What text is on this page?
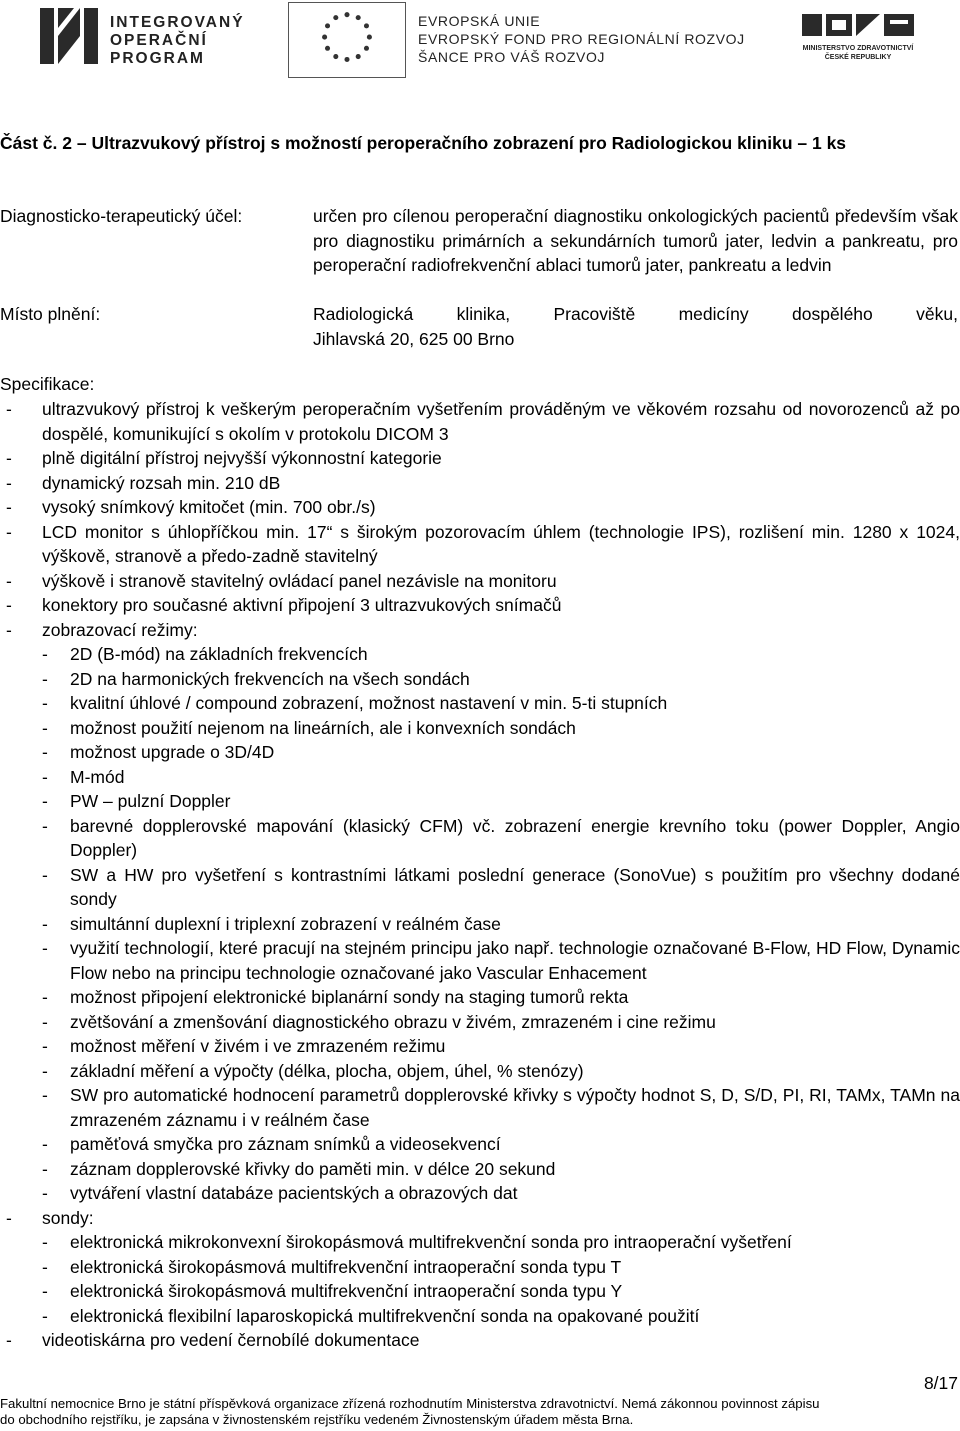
INTEGROVANÝ
OPERAČNÍ
PROGRAM
EVROPSKÁ UNIE
EVROPSKÝ FOND PRO REGIONÁLNÍ ROZVOJ
ŠANCE PRO VÁŠ ROZVOJ
MINISTERSTVO ZDRAVOTNICTVÍ
ČESKÉ REPUBLIKY
Část č. 2 – Ultrazvukový přístroj s možností peroperačního zobrazení pro Radiologickou kliniku – 1 ks
Diagnosticko-terapeutický účel:	určen pro cílenou peroperační diagnostiku onkologických pacientů především však pro diagnostiku primárních a sekundárních tumorů jater, ledvin a pankreatu, pro peroperační radiofrekvenční ablaci tumorů jater, pankreatu a ledvin
Místo plnění:	Radiologická klinika, Pracoviště medicíny dospělého věku,
Jihlavská 20, 625 00 Brno
Specifikace:
- ultrazvukový přístroj k veškerým peroperačním vyšetřením prováděným ve věkovém rozsahu od novorozenců až po dospělé, komunikující s okolím v protokolu DICOM 3
- plně digitální přístroj nejvyšší výkonnostní kategorie
- dynamický rozsah min. 210 dB
- vysoký snímkový kmitočet (min. 700 obr./s)
- LCD monitor s úhlopříčkou min. 17“ s širokým pozorovacím úhlem (technologie IPS), rozlišení min. 1280 x 1024, výškově, stranově a předo-zadně stavitelný
- výškově i stranově stavitelný ovládací panel nezávisle na monitoru
- konektory pro současné aktivní připojení 3 ultrazvukových snímačů
- zobrazovací režimy:
- 2D (B-mód) na základních frekvencích
- 2D na harmonických frekvencích na všech sondách
- kvalitní úhlové / compound zobrazení, možnost nastavení v min. 5-ti stupních
- možnost použití nejenom na lineárních, ale i konvexních sondách
- možnost upgrade o 3D/4D
- M-mód
- PW – pulzní Doppler
- barevné dopplerovské mapování (klasický CFM) vč. zobrazení energie krevního toku (power Doppler, Angio Doppler)
- SW a HW pro vyšetření s kontrastními látkami poslední generace (SonoVue) s použitím pro všechny dodané sondy
- simultánní duplexní i triplexní zobrazení v reálném čase
- využití technologií, které pracují na stejném principu jako např. technologie označované B-Flow, HD Flow, Dynamic Flow nebo na principu technologie označované jako Vascular Enhacement
- možnost připojení elektronické biplanární sondy na staging tumorů rekta
- zvětšování a zmenšování diagnostického obrazu v živém, zmrazeném i cine režimu
- možnost měření v živém i ve zmrazeném režimu
- základní měření a výpočty (délka, plocha, objem, úhel, % stenózy)
- SW pro automatické hodnocení parametrů dopplerovské křivky s výpočty hodnot S, D, S/D, PI, RI, TAMx, TAMn na zmrazeném záznamu i v reálném čase
- paměťová smyčka pro záznam snímků a videosekvencí
- záznam dopplerovské křivky do paměti min. v délce 20 sekund
- vytváření vlastní databáze pacientských a obrazových dat
- sondy:
- elektronická mikrokonvexní širokopásmová multifrekvenční sonda pro intraoperační vyšetření
- elektronická širokopásmová multifrekvenční intraoperační sonda typu T
- elektronická širokopásmová multifrekvenční intraoperační sonda typu Y
- elektronická flexibilní laparoskopická multifrekvenční sonda na opakované použití
- videotiskárna pro vedení černobílé dokumentace
8/17
Fakultní nemocnice Brno je státní příspěvková organizace zřízená rozhodnutím Ministerstva zdravotnictví. Nemá zákonnou povinnost zápisu
do obchodního rejstříku, je zapsána v živnostenském rejstříku vedeném Živnostenským úřadem města Brna.
